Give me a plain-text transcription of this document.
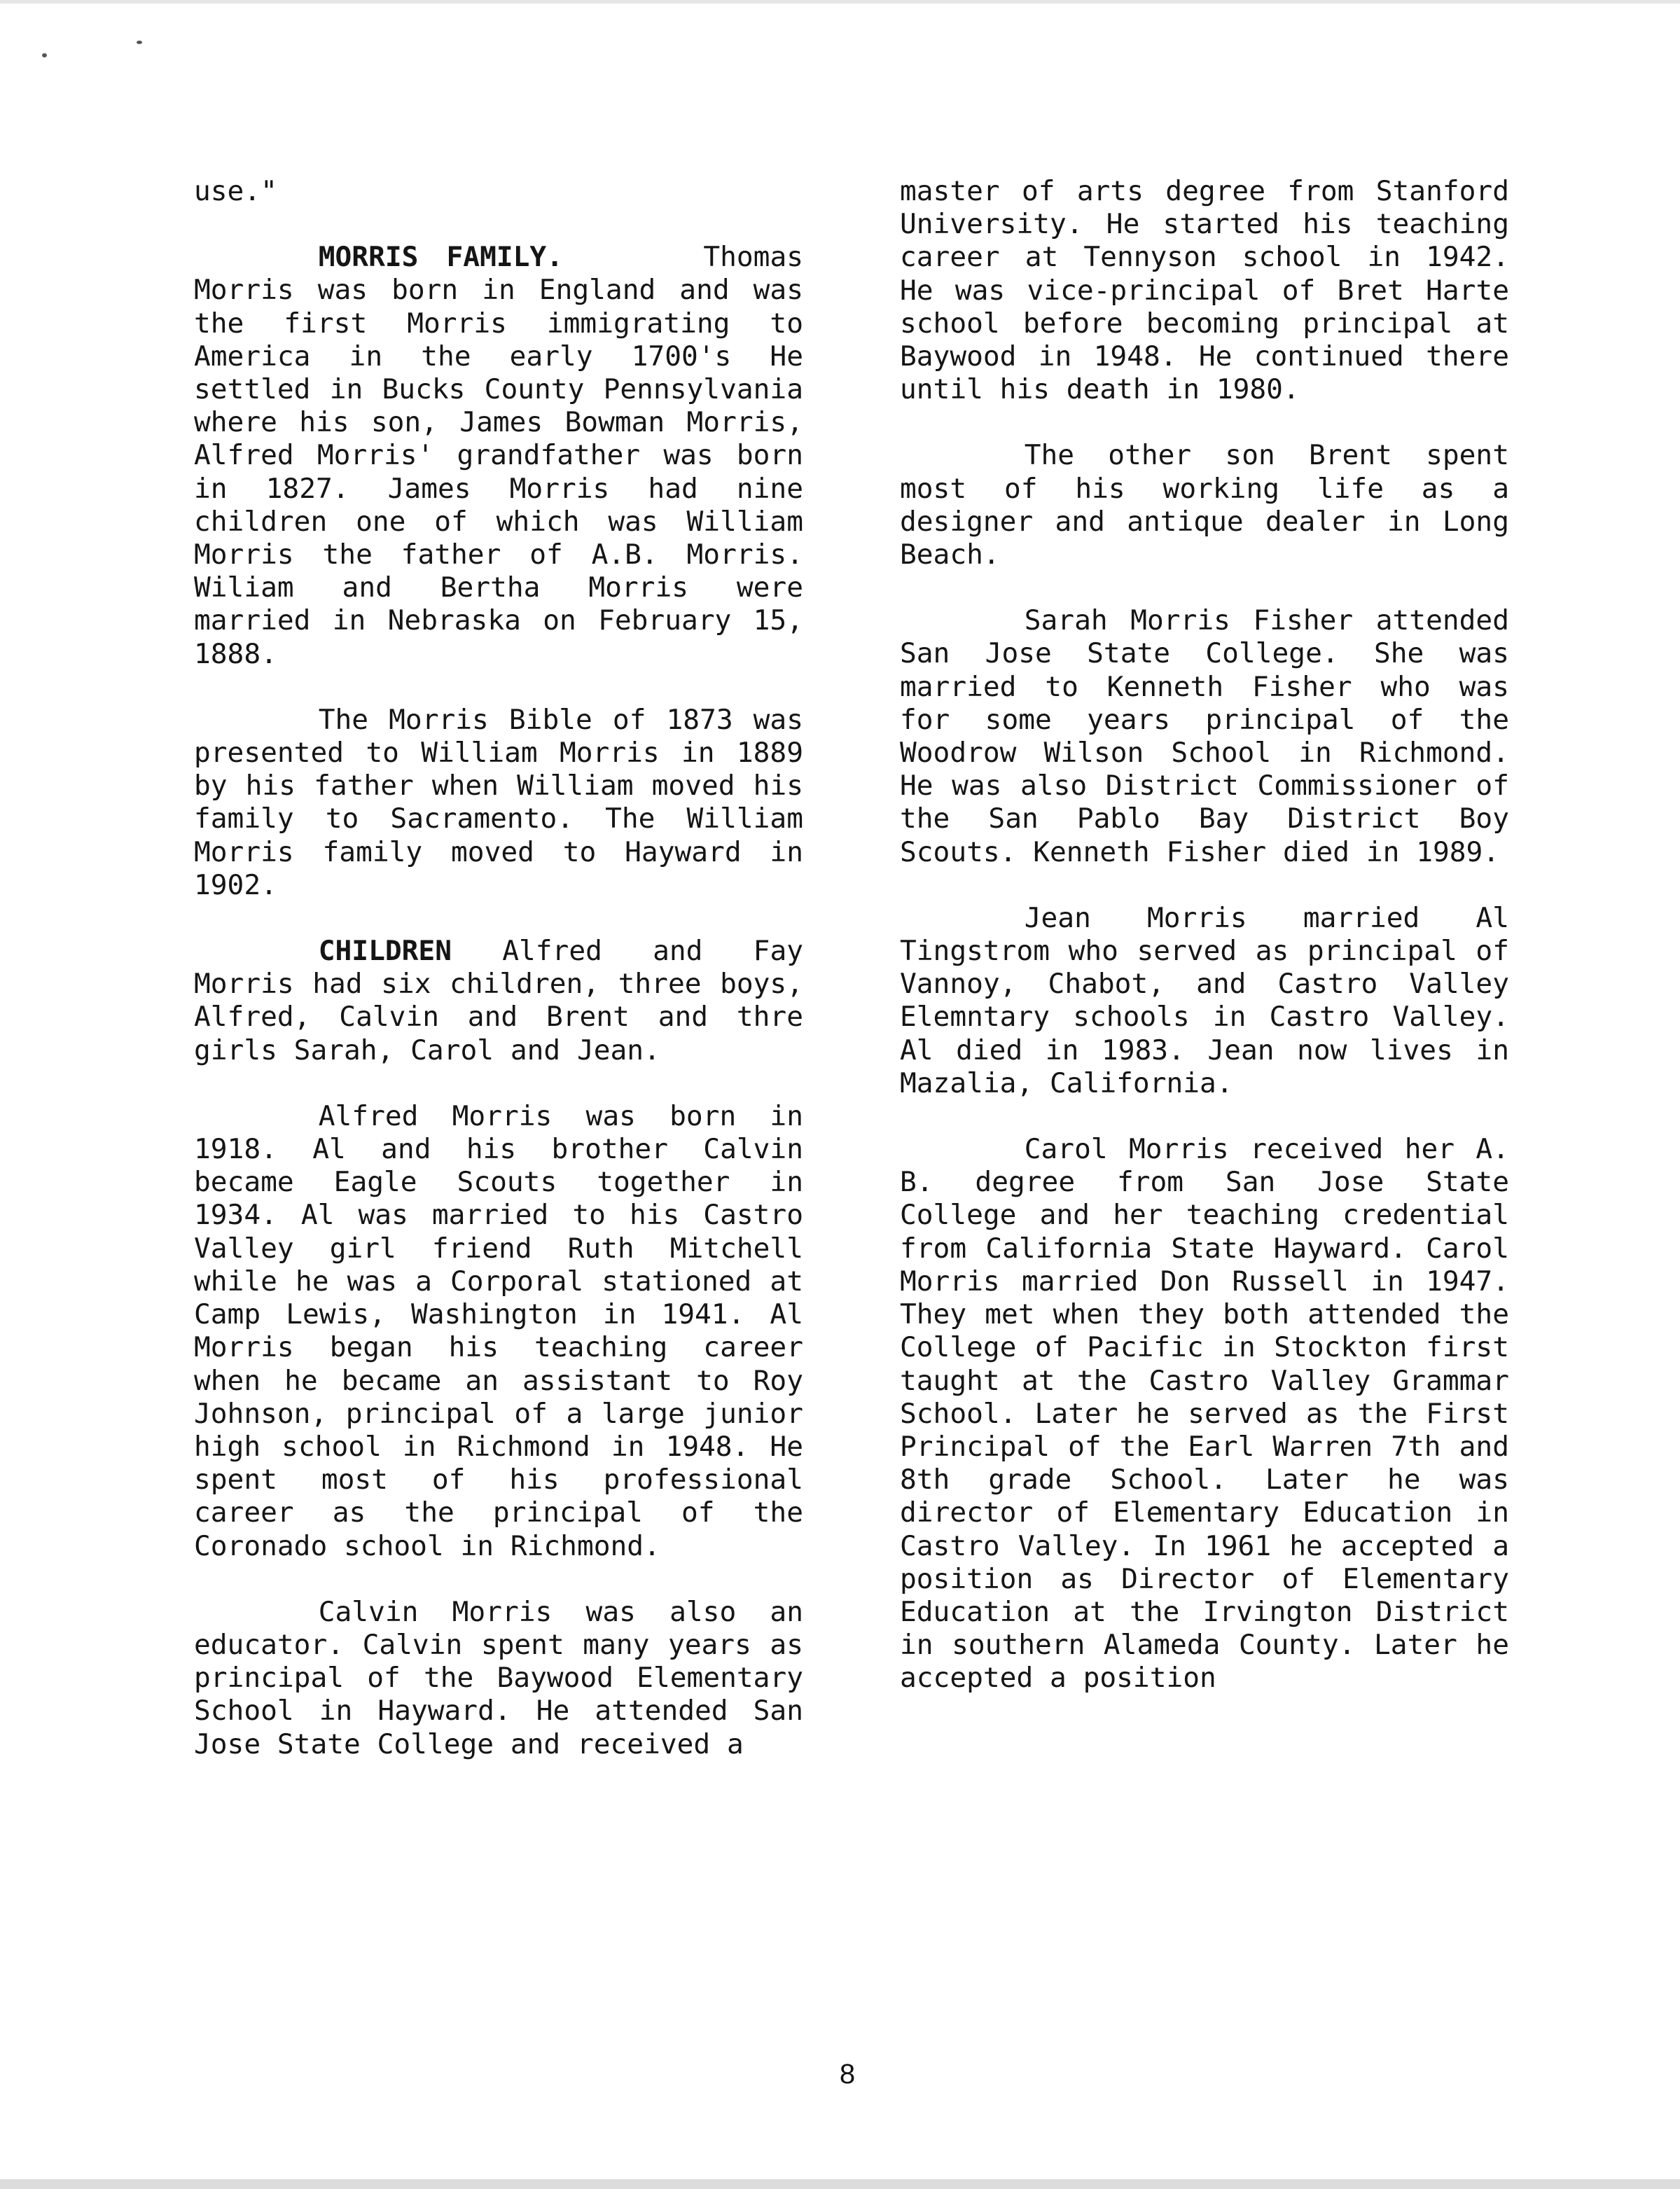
use."

MORRIS FAMILY.	Thomas Morris was born in England and was the first Morris immigrating to America in the early 1700's He settled in Bucks County Pennsylvania where his son, James Bowman Morris, Alfred Morris' grandfather was born in 1827. James Morris had nine children one of which was William Morris the father of A.B. Morris. Wiliam and Bertha Morris were married in Nebraska on February 15, 1888.

The Morris Bible of 1873 was presented to William Morris in 1889 by his father when William moved his family to Sacramento. The William Morris family moved to Hayward in 1902.

CHILDREN Alfred and Fay Morris had six children, three boys, Alfred, Calvin and Brent and thre girls Sarah, Carol and Jean.

Alfred Morris was born in 1918. Al and his brother Calvin became Eagle Scouts together in 1934. Al was married to his Castro Valley girl friend Ruth Mitchell while he was a Corporal stationed at Camp Lewis, Washington in 1941. Al Morris began his teaching career when he became an assistant to Roy Johnson, principal of a large junior high school in Richmond in 1948. He spent most of his professional career as the principal of the Coronado school in Richmond.

Calvin Morris was also an educator. Calvin spent many years as principal of the Baywood Elementary School in Hayward. He attended San Jose State College and received a

master of arts degree from Stanford University. He started his teaching career at Tennyson school in 1942. He was vice-principal of Bret Harte school before becoming principal at Baywood in 1948. He continued there until his death in 1980.

The other son Brent spent most of his working life as a designer and antique dealer in Long Beach.

Sarah Morris Fisher attended San Jose State College. She was married to Kenneth Fisher who was for some years principal of the Woodrow Wilson School in Richmond. He was also District Commissioner of the San Pablo Bay District Boy Scouts. Kenneth Fisher died in 1989.

Jean Morris married Al Tingstrom who served as principal of Vannoy, Chabot, and Castro Valley Elemntary schools in Castro Valley. Al died in 1983. Jean now lives in Mazalia, California.

Carol Morris received her A. B. degree from San Jose State College and her teaching credential from California State Hayward. Carol Morris married Don Russell in 1947. They met when they both attended the College of Pacific in Stockton first taught at the Castro Valley Grammar School. Later he served as the First Principal of the Earl Warren 7th and 8th grade School. Later he was director of Elementary Education in Castro Valley. In 1961 he accepted a position as Director of Elementary Education at the Irvington District in southern Alameda County. Later he accepted a position

8
